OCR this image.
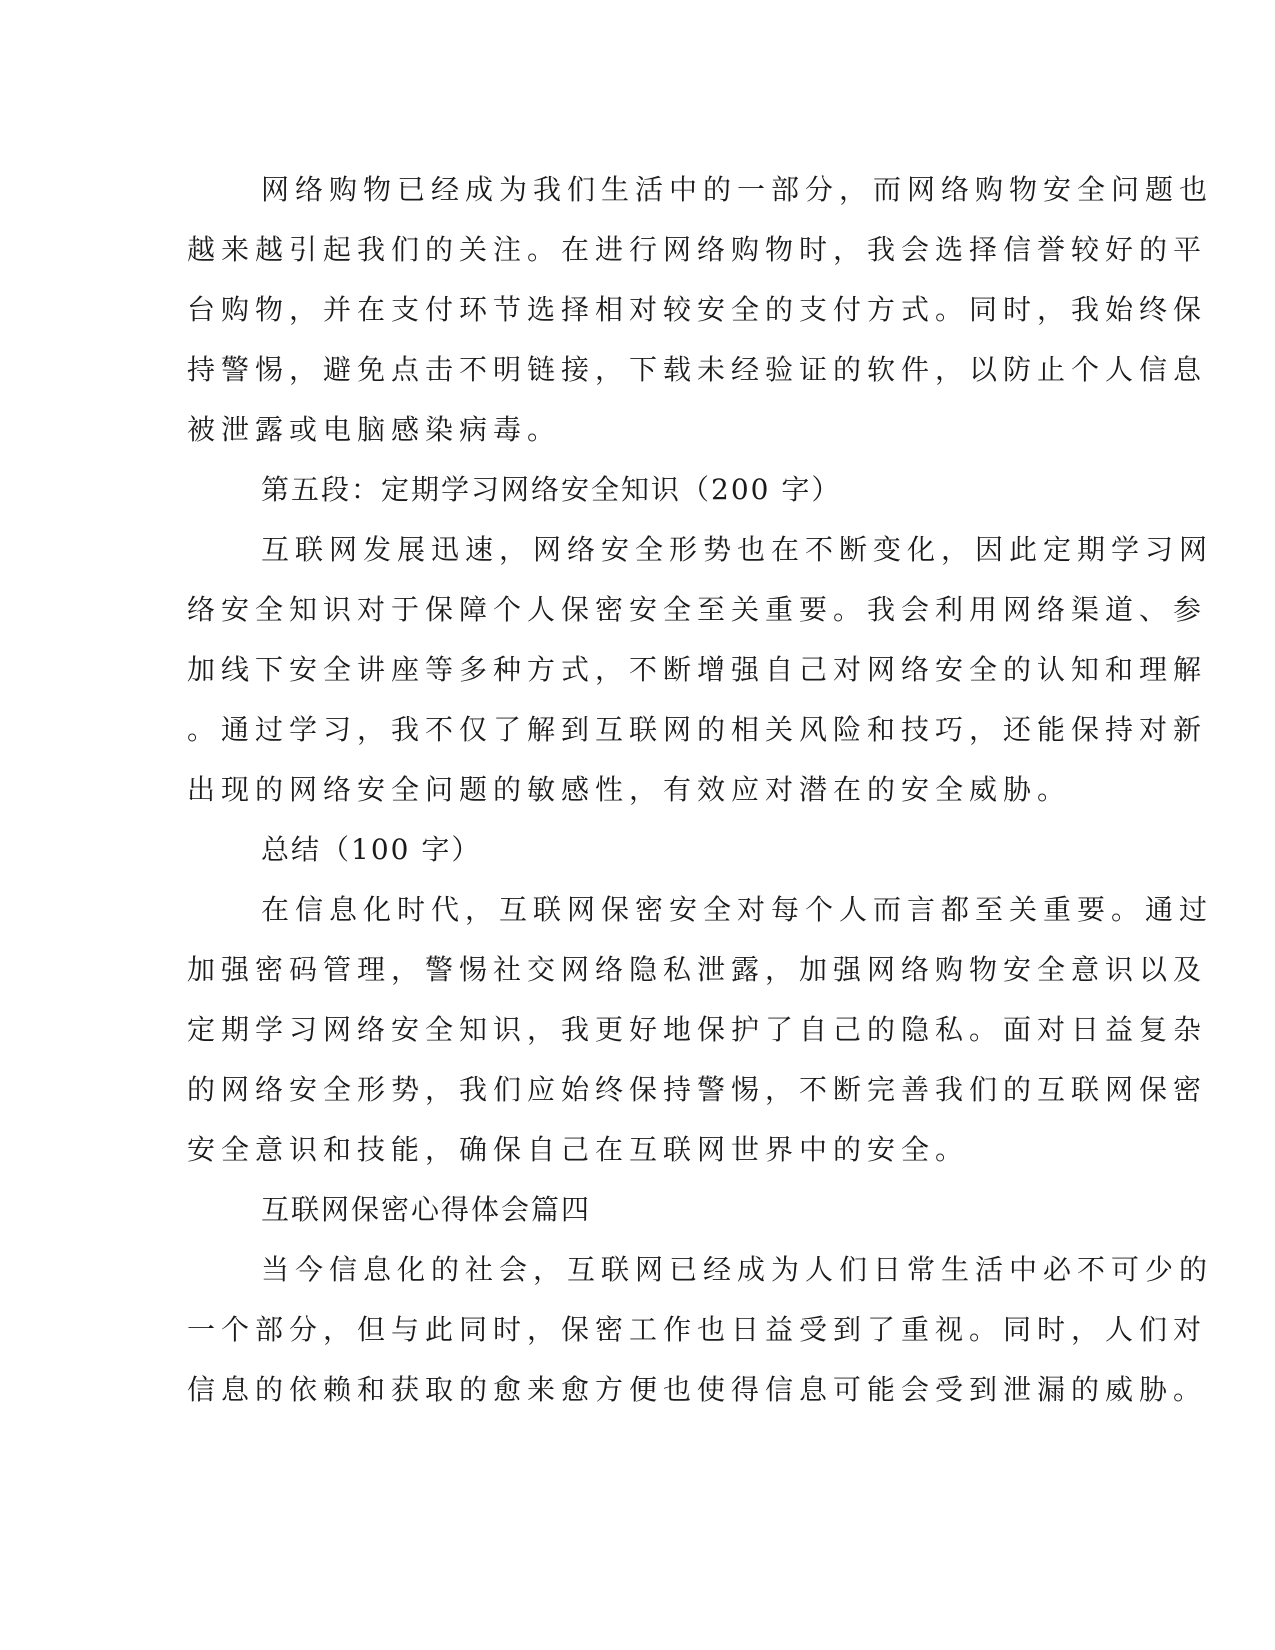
网络购物已经成为我们生活中的一部分，而网络购物安全问题也
越来越引起我们的关注。在进行网络购物时，我会选择信誉较好的平
台购物，并在支付环节选择相对较安全的支付方式。同时，我始终保
持警惕，避免点击不明链接，下载未经验证的软件，以防止个人信息
被泄露或电脑感染病毒。
第五段：定期学习网络安全知识（200 字）
互联网发展迅速，网络安全形势也在不断变化，因此定期学习网
络安全知识对于保障个人保密安全至关重要。我会利用网络渠道、参
加线下安全讲座等多种方式，不断增强自己对网络安全的认知和理解
。通过学习，我不仅了解到互联网的相关风险和技巧，还能保持对新
出现的网络安全问题的敏感性，有效应对潜在的安全威胁。
总结（100 字）
在信息化时代，互联网保密安全对每个人而言都至关重要。通过
加强密码管理，警惕社交网络隐私泄露，加强网络购物安全意识以及
定期学习网络安全知识，我更好地保护了自己的隐私。面对日益复杂
的网络安全形势，我们应始终保持警惕，不断完善我们的互联网保密
安全意识和技能，确保自己在互联网世界中的安全。
互联网保密心得体会篇四
当今信息化的社会，互联网已经成为人们日常生活中必不可少的
一个部分，但与此同时，保密工作也日益受到了重视。同时，人们对
信息的依赖和获取的愈来愈方便也使得信息可能会受到泄漏的威胁。
